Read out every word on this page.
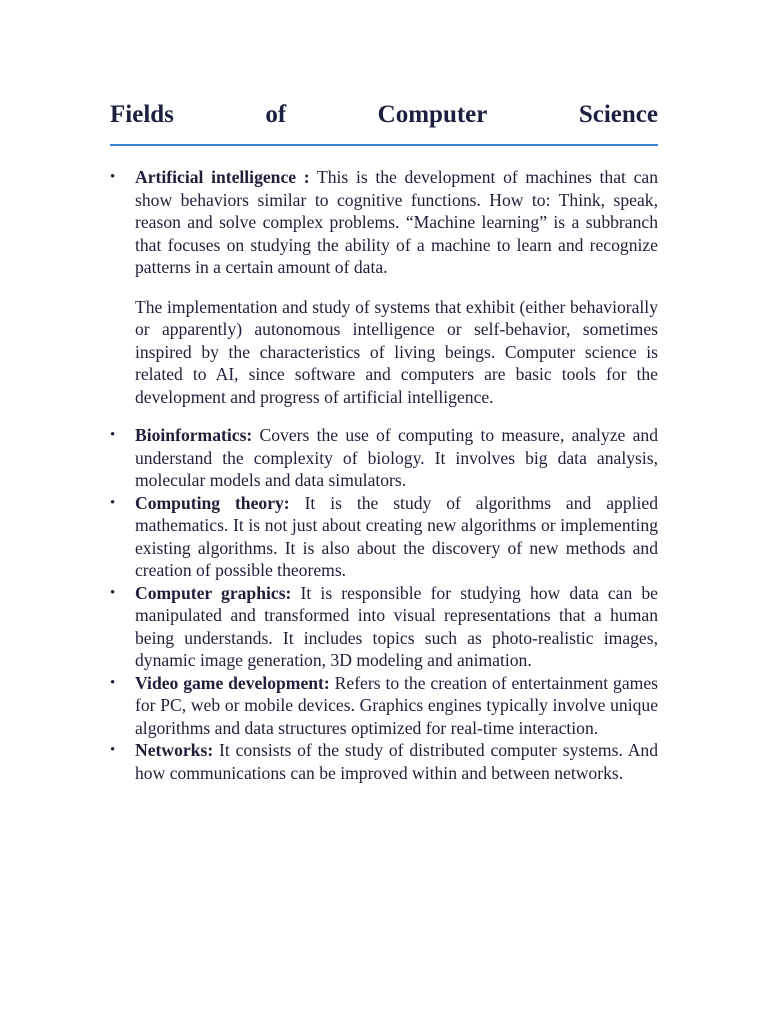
Fields	of	Computer	Science
• Artificial intelligence : This is the development of machines that can show behaviors similar to cognitive functions. How to: Think, speak, reason and solve complex problems. “Machine learning” is a subbranch that focuses on studying the ability of a machine to learn and recognize patterns in a certain amount of data.

The implementation and study of systems that exhibit (either behaviorally or apparently) autonomous intelligence or self-behavior, sometimes inspired by the characteristics of living beings. Computer science is related to AI, since software and computers are basic tools for the development and progress of artificial intelligence.

• Bioinformatics: Covers the use of computing to measure, analyze and understand the complexity of biology. It involves big data analysis, molecular models and data simulators.
• Computing theory: It is the study of algorithms and applied mathematics. It is not just about creating new algorithms or implementing existing algorithms. It is also about the discovery of new methods and creation of possible theorems.
• Computer graphics: It is responsible for studying how data can be manipulated and transformed into visual representations that a human being understands. It includes topics such as photo-realistic images, dynamic image generation, 3D modeling and animation.
• Video game development: Refers to the creation of entertainment games for PC, web or mobile devices. Graphics engines typically involve unique algorithms and data structures optimized for real-time interaction.
• Networks: It consists of the study of distributed computer systems. And how communications can be improved within and between networks.
